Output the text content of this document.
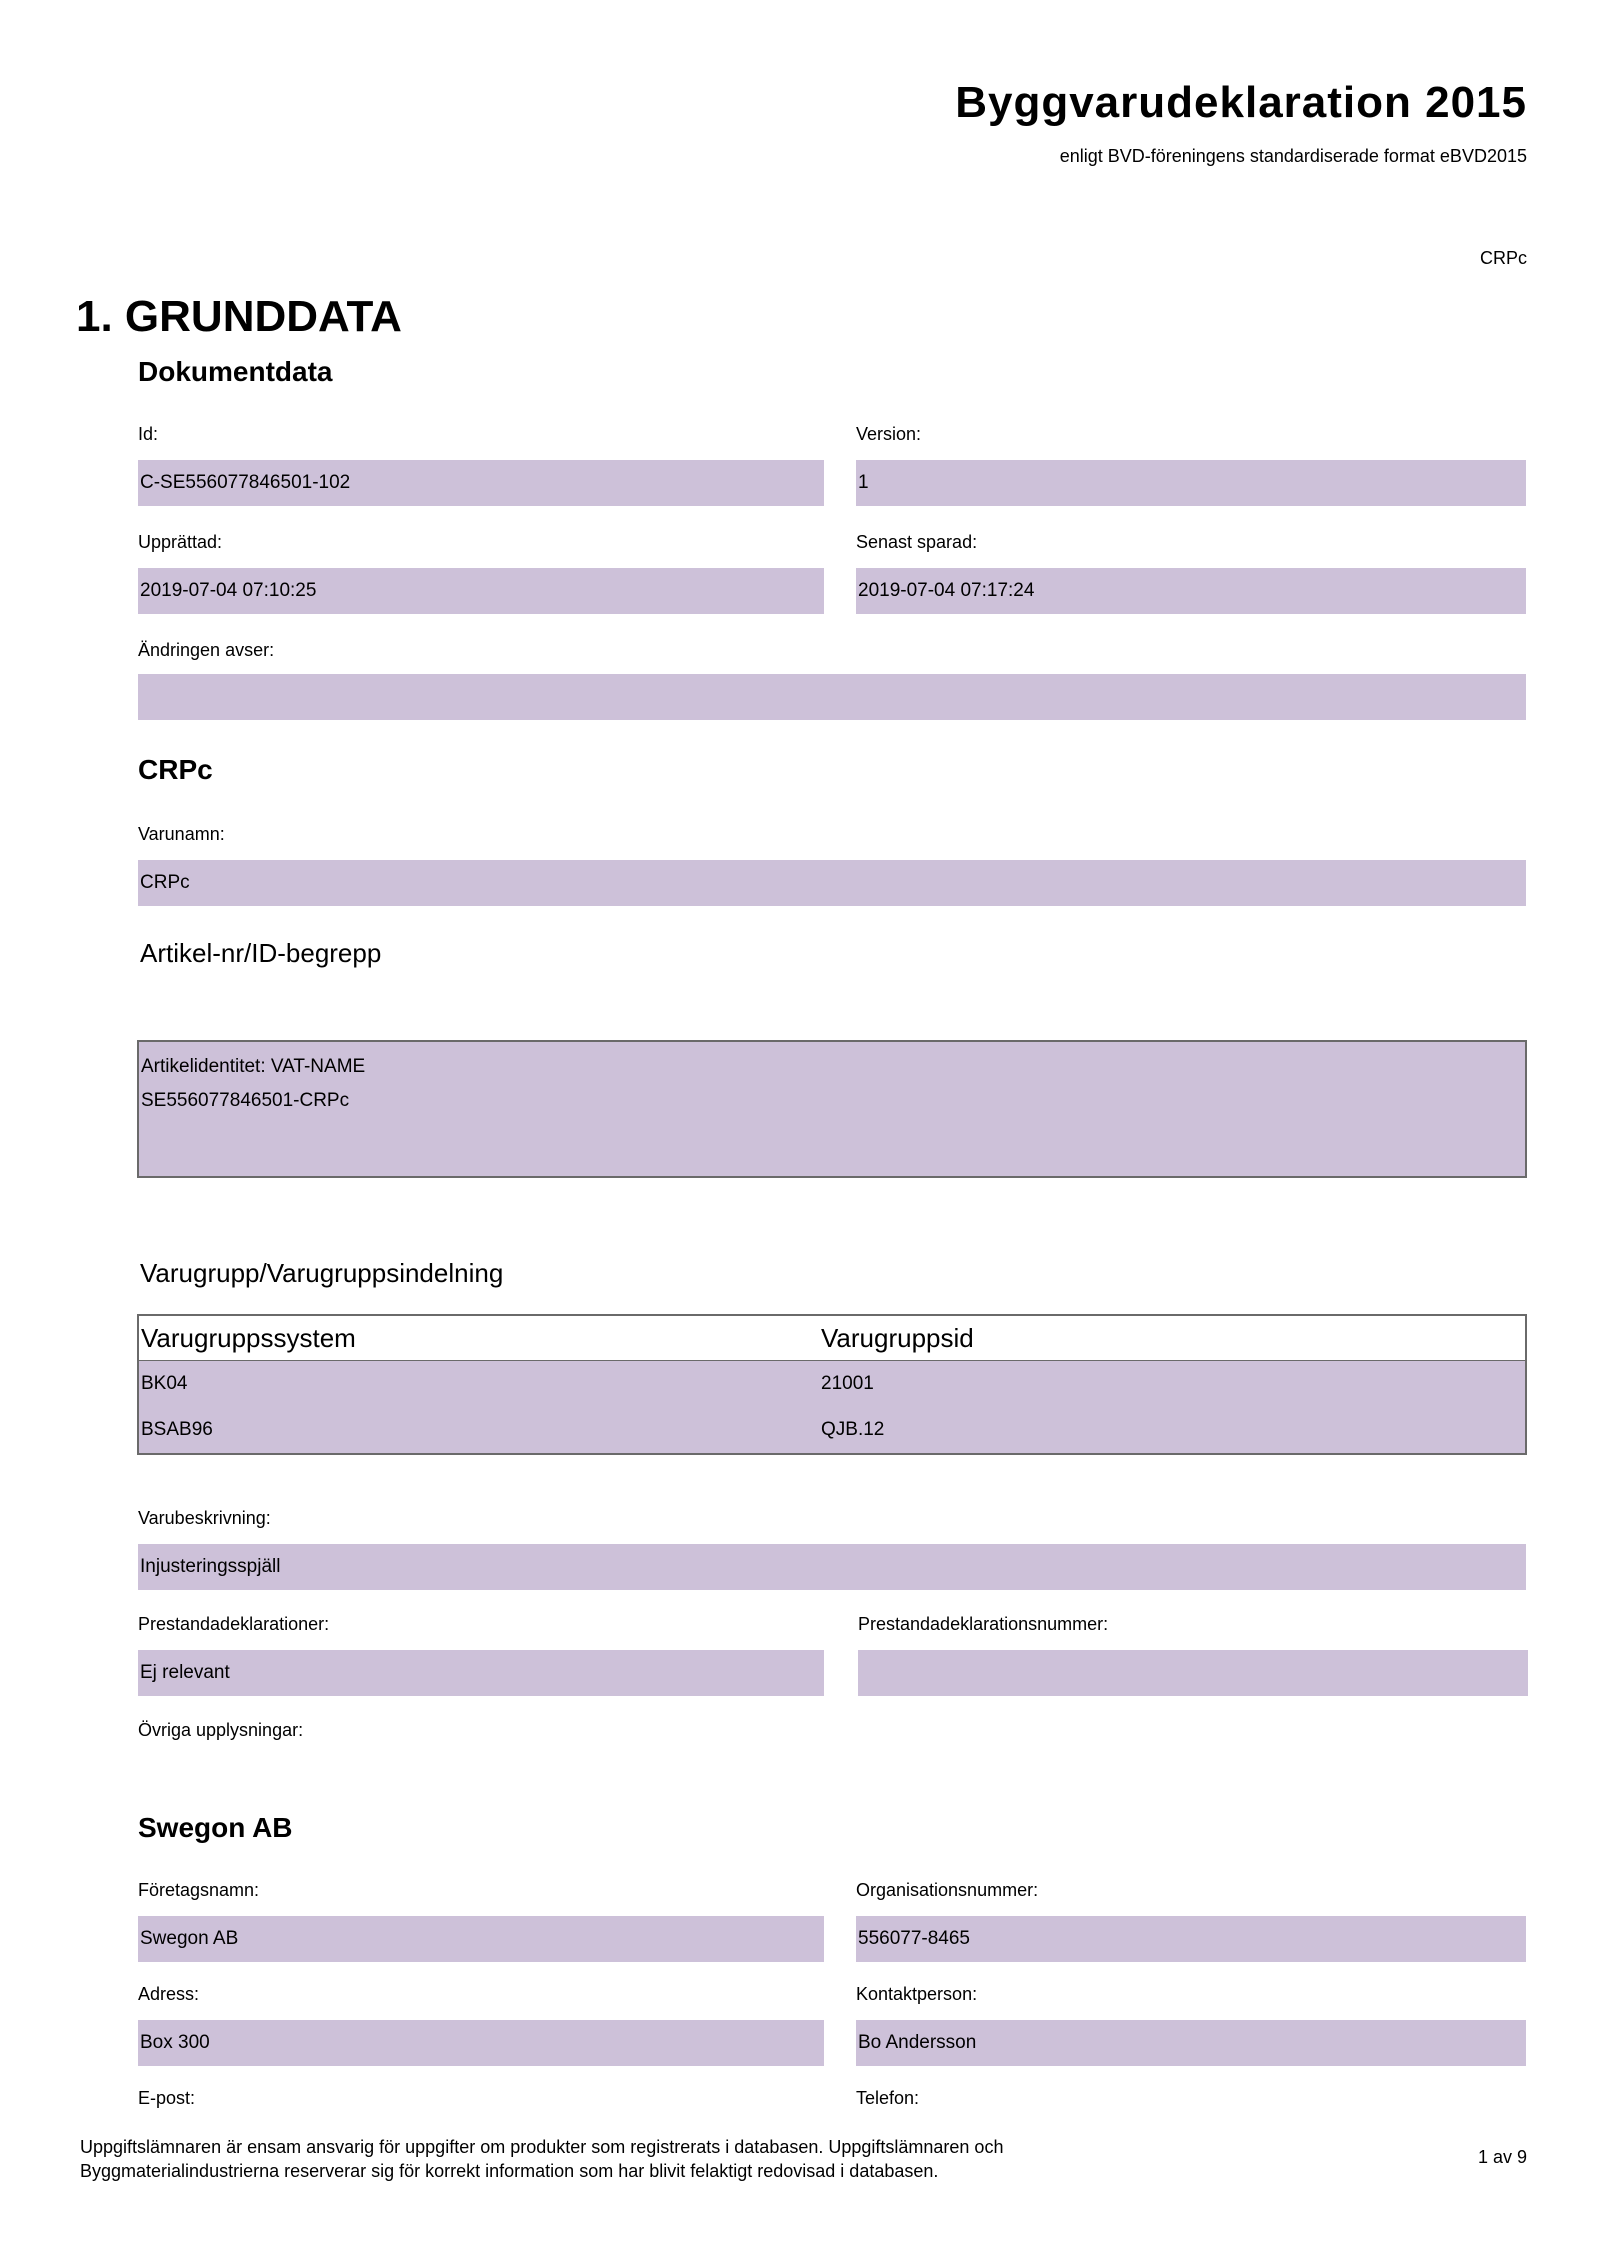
Byggvarudeklaration 2015
enligt BVD-föreningens standardiserade format eBVD2015
CRPc
1. GRUNDDATA
Dokumentdata
Id:	Version:
C-SE556077846501-102	1
Upprättad:	Senast sparad:
2019-07-04 07:10:25	2019-07-04 07:17:24
Ändringen avser:
CRPc
Varunamn:
CRPc
Artikel-nr/ID-begrepp
Artikelidentitet: VAT-NAME
SE556077846501-CRPc
Varugrupp/Varugruppsindelning
Varugruppssystem	Varugruppsid
BK04	21001
BSAB96	QJB.12
Varubeskrivning:
Injusteringsspjäll
Prestandadeklarationer:	Prestandadeklarationsnummer:
Ej relevant
Övriga upplysningar:
Swegon AB
Företagsnamn:	Organisationsnummer:
Swegon AB	556077-8465
Adress:	Kontaktperson:
Box 300	Bo Andersson
E-post:	Telefon:
Uppgiftslämnaren är ensam ansvarig för uppgifter om produkter som registrerats i databasen. Uppgiftslämnaren och
Byggmaterialindustrierna reserverar sig för korrekt information som har blivit felaktigt redovisad i databasen.
1 av 9
